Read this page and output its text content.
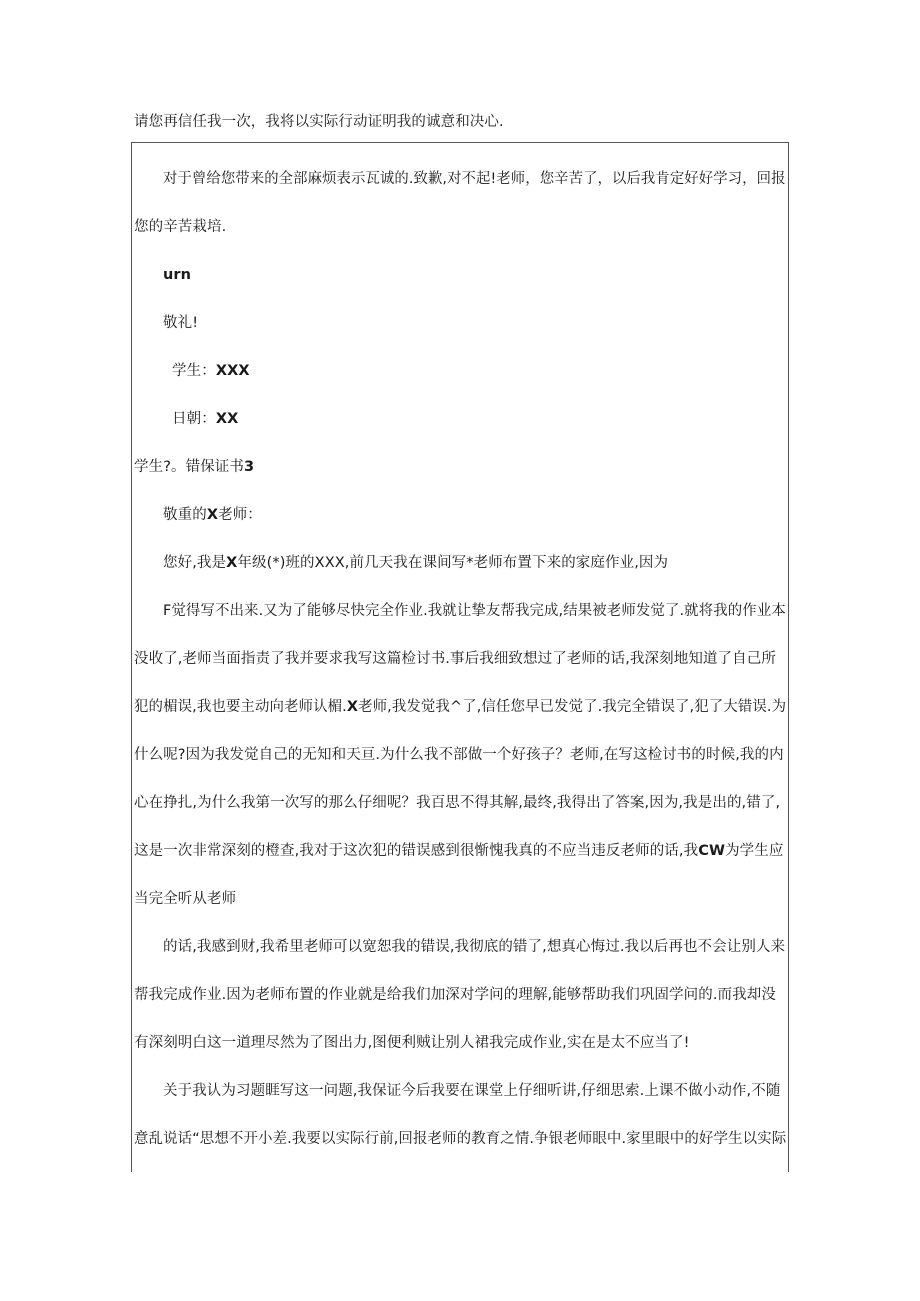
请您再信任我一次，我将以实际行动证明我的诚意和决心.
对于曾给您带来的全部麻烦表示瓦诚的.致歉,对不起!老师，您辛苦了，以后我肯定好好学习，回报
您的辛苦栽培.
urn
敬礼!
学生：XXX
日朝：XX
学生?。错保证书3
敬重的X老师：
您好,我是X年级(*)班的XXX,前几天我在课间写*老师布置下来的家庭作业,因为
F觉得写不出来.又为了能够尽快完全作业.我就让挚友帮我完成,结果被老师发觉了.就将我的作业本
没收了,老师当面指责了我并要求我写这篇检讨书.事后我细致想过了老师的话,我深刻地知道了自己所
犯的楣误,我也要主动向老师认楣.X老师,我发觉我^了,信任您早已发觉了.我完全错误了,犯了大错误.为
什么呢?因为我发觉自己的无知和天亘.为什么我不部做一个好孩子？老师,在写这检讨书的时候,我的内
心在挣扎,为什么我第一次写的那么仔细呢？我百思不得其解,最终,我得出了答案,因为,我是出的,错了,
这是一次非常深刻的橙查,我对于这次犯的错误感到很惭愧我真的不应当违反老师的话,我CW为学生应
当完全听从老师
的话,我感到财,我希里老师可以宽恕我的错误,我彻底的错了,想真心悔过.我以后再也不会让别人来
帮我完成作业.因为老师布置的作业就是给我们加深对学问的理解,能够帮助我们巩固学问的.而我却没
有深刻明白这一道理尽然为了图出力,图便利贼让别人裙我完成作业,实在是太不应当了!
关于我认为习题睚写这一问题,我保证今后我要在课堂上仔细听讲,仔细思索.上课不做小动作,不随
意乱说话“思想不开小差.我要以实际行前,回报老师的教育之情.争银老师眼中.家里眼中的好学生以实际
